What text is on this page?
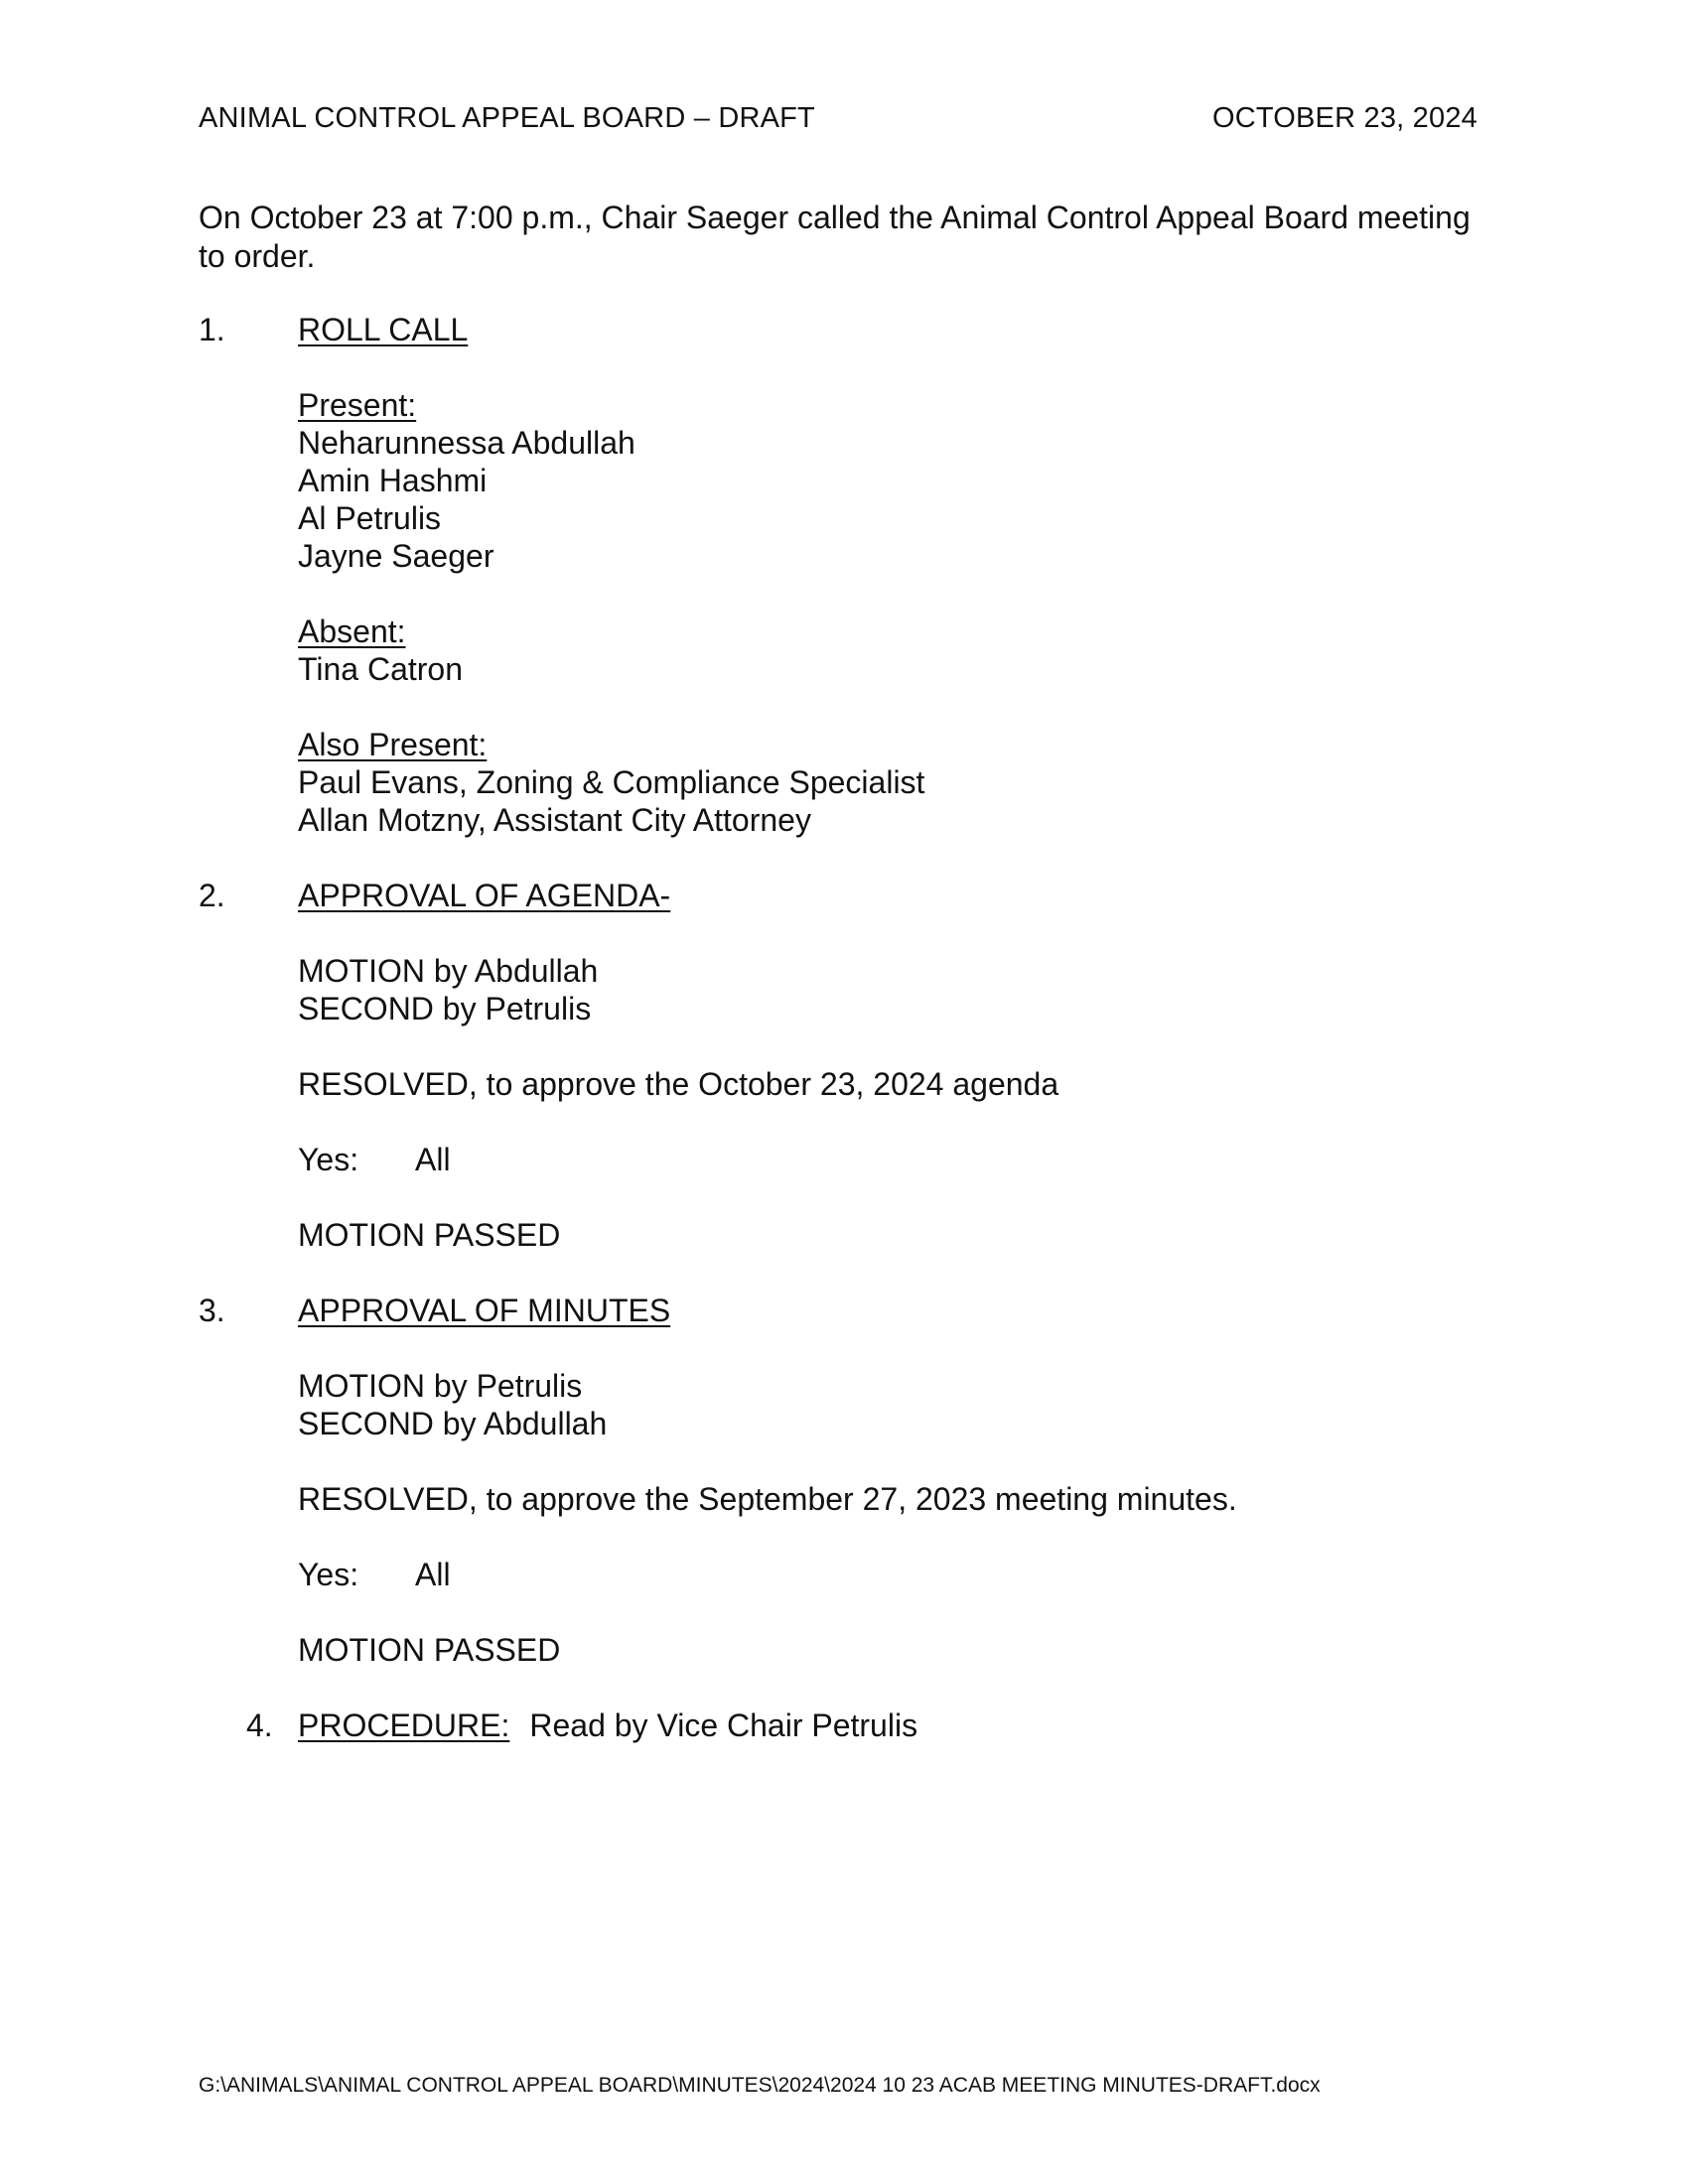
ANIMAL CONTROL APPEAL BOARD – DRAFT	OCTOBER 23, 2024
On October 23 at 7:00 p.m., Chair Saeger called the Animal Control Appeal Board meeting to order.
1. ROLL CALL
Present:
Neharunnessa Abdullah
Amin Hashmi
Al Petrulis
Jayne Saeger
Absent:
Tina Catron
Also Present:
Paul Evans, Zoning & Compliance Specialist
Allan Motzny, Assistant City Attorney
2. APPROVAL OF AGENDA-
MOTION by Abdullah
SECOND by Petrulis
RESOLVED, to approve the October 23, 2024 agenda
Yes: All
MOTION PASSED
3. APPROVAL OF MINUTES
MOTION by Petrulis
SECOND by Abdullah
RESOLVED, to approve the September 27, 2023 meeting minutes.
Yes: All
MOTION PASSED
4. PROCEDURE: Read by Vice Chair Petrulis
G:\ANIMALS\ANIMAL CONTROL APPEAL BOARD\MINUTES\2024\2024 10 23 ACAB MEETING MINUTES-DRAFT.docx
